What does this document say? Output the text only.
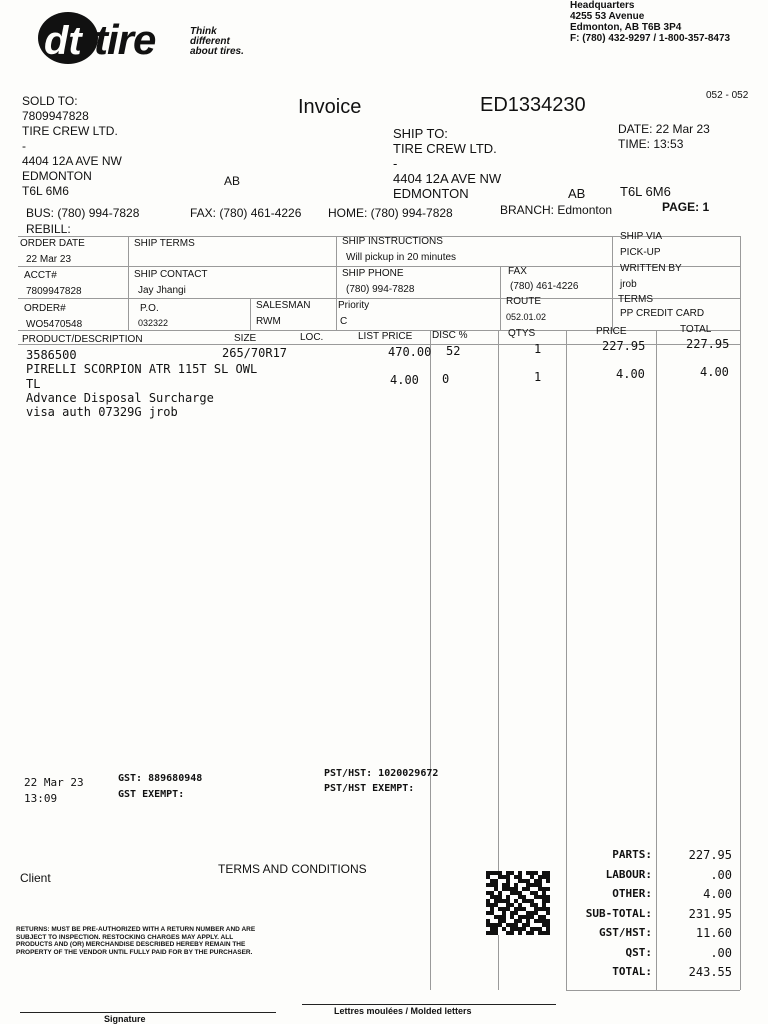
dt tire	Think
different
about tires.
Headquarters
4255 53 Avenue
Edmonton, AB T6B 3P4
F: (780) 432-9297 / 1-800-357-8473
Invoice	ED1334230	052 - 052
SOLD TO:
7809947828
TIRE CREW LTD.
-
4404 12A AVE NW
EDMONTON
T6L 6M6
AB
BUS: (780) 994-7828	FAX: (780) 461-4226 HOME: (780) 994-7828
REBILL:
SHIP TO:
TIRE CREW LTD.
-
4404 12A AVE NW
EDMONTON	AB	T6L 6M6
BRANCH: Edmonton
DATE: 22 Mar 23
TIME: 13:53
PAGE: 1
ORDER DATE
22 Mar 23
SHIP TERMS	SHIP INSTRUCTIONS
Will pickup in 20 minutes
SHIP VIA
PICK-UP
ACCT#
7809947828
SHIP CONTACT
Jay Jhangi
SHIP PHONE
(780) 994-7828
FAX
(780) 461-4226
WRITTEN BY
jrob
ORDER#
WO5470548
P.O.
032322
SALESMAN
RWM
Priority
C
ROUTE
052.01.02
TERMS
PP CREDIT CARD
PRODUCT/DESCRIPTION	SIZE	LOC.	LIST PRICE DISC %	QTYS	PRICE	TOTAL
3586500	265/70R17	470.00 52	1	227.95	227.95
PIRELLI SCORPION ATR 115T SL OWL
4.00 0	1	4.00	4.00
TL
Advance Disposal Surcharge
visa auth 07329G jrob
22 Mar 23
13:09
GST: 889680948
GST EXEMPT:
PST/HST: 1020029672
PST/HST EXEMPT:
PARTS:	227.95
LABOUR:	.00
OTHER:	4.00
SUB-TOTAL:	231.95
GST/HST:	11.60
QST:	.00
TOTAL:	243.55
Client
TERMS AND CONDITIONS
RETURNS: MUST BE PRE-AUTHORIZED WITH A RETURN NUMBER AND ARE SUBJECT TO INSPECTION. RESTOCKING CHARGES MAY APPLY. ALL PRODUCTS AND (OR) MERCHANDISE DESCRIBED HEREBY REMAIN THE PROPERTY OF THE VENDOR UNTIL FULLY PAID FOR BY THE PURCHASER.
Signature
Lettres moulées / Molded letters
